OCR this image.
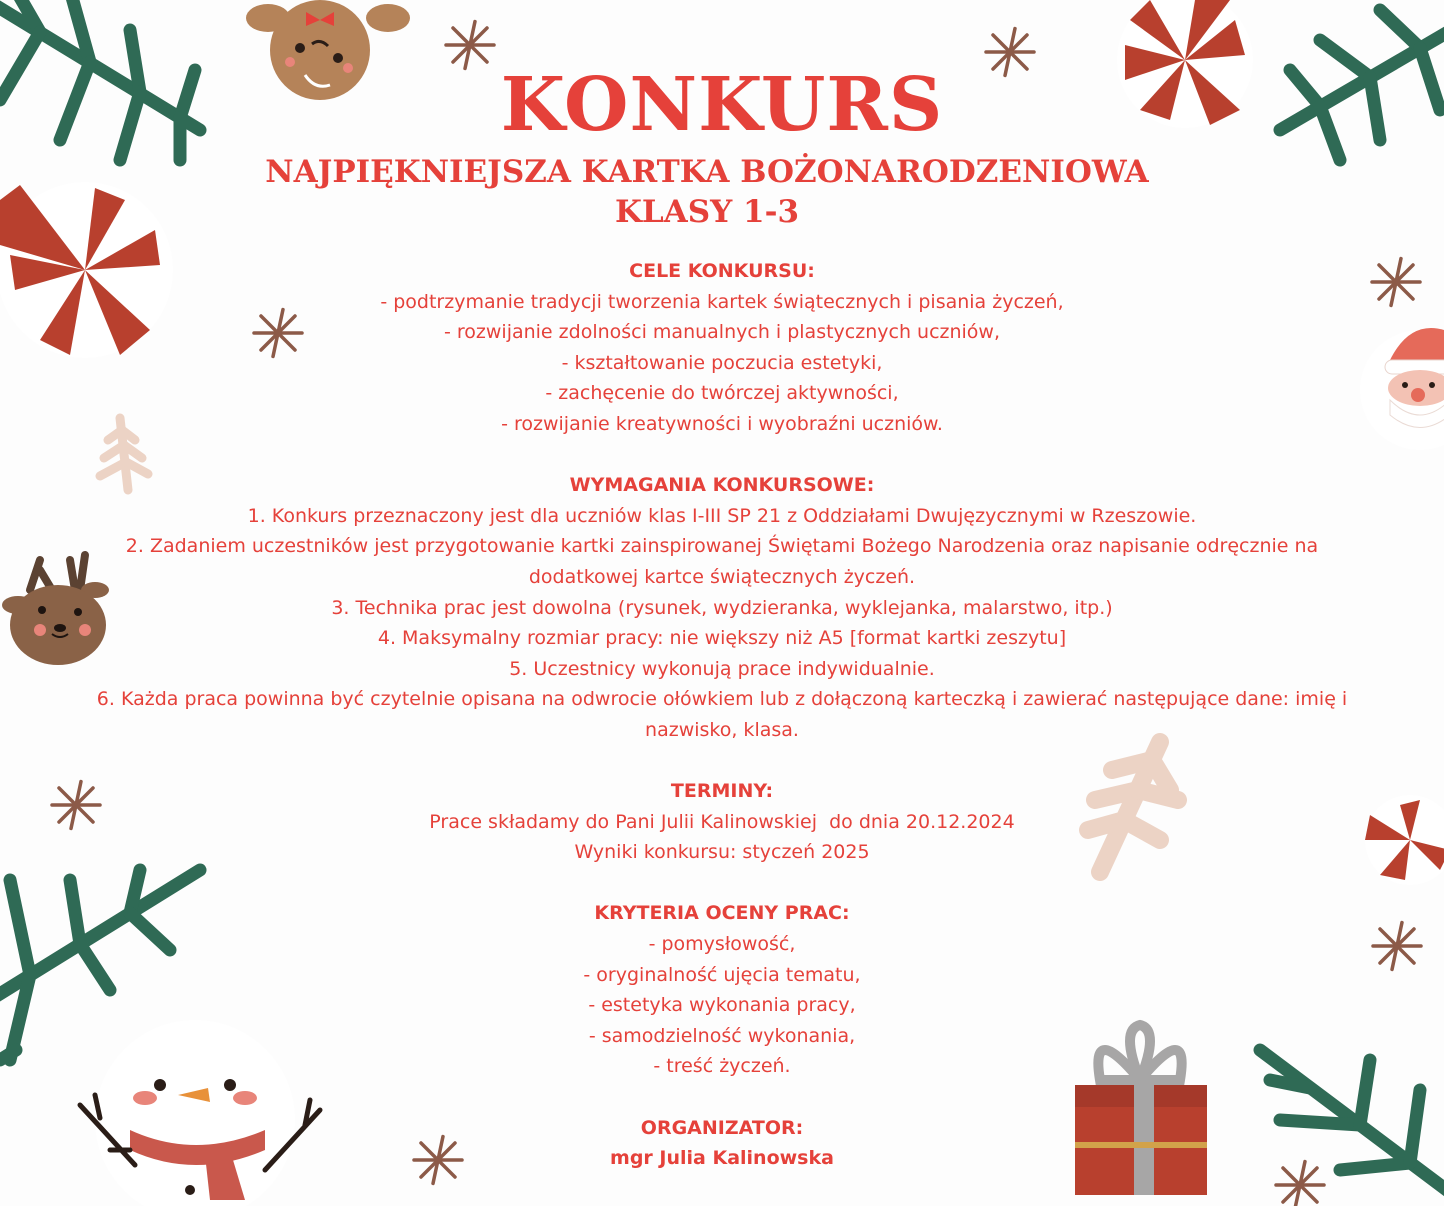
KONKURS
NAJPIĘKNIEJSZA KARTKA BOŻONARODZENIOWA
KLASY 1-3
CELE KONKURSU:
- podtrzymanie tradycji tworzenia kartek świątecznych i pisania życzeń,
- rozwijanie zdolności manualnych i plastycznych uczniów,
- kształtowanie poczucia estetyki,
- zachęcenie do twórczej aktywności,
- rozwijanie kreatywności i wyobraźni uczniów.
WYMAGANIA KONKURSOWE:
1. Konkurs przeznaczony jest dla uczniów klas I-III SP 21 z Oddziałami Dwujęzycznymi w Rzeszowie.
2. Zadaniem uczestników jest przygotowanie kartki zainspirowanej Świętami Bożego Narodzenia oraz napisanie odręcznie na
dodatkowej kartce świątecznych życzeń.
3. Technika prac jest dowolna (rysunek, wydzieranka, wyklejanka, malarstwo, itp.)
4. Maksymalny rozmiar pracy: nie większy niż A5 [format kartki zeszytu]
5. Uczestnicy wykonują prace indywidualnie.
6. Każda praca powinna być czytelnie opisana na odwrocie ołówkiem lub z dołączoną karteczką i zawierać następujące dane: imię i
nazwisko, klasa.
TERMINY:
Prace składamy do Pani Julii Kalinowskiej  do dnia 20.12.2024
Wyniki konkursu: styczeń 2025
KRYTERIA OCENY PRAC:
- pomysłowość,
- oryginalność ujęcia tematu,
- estetyka wykonania pracy,
- samodzielność wykonania,
- treść życzeń.
ORGANIZATOR:
mgr Julia Kalinowska
